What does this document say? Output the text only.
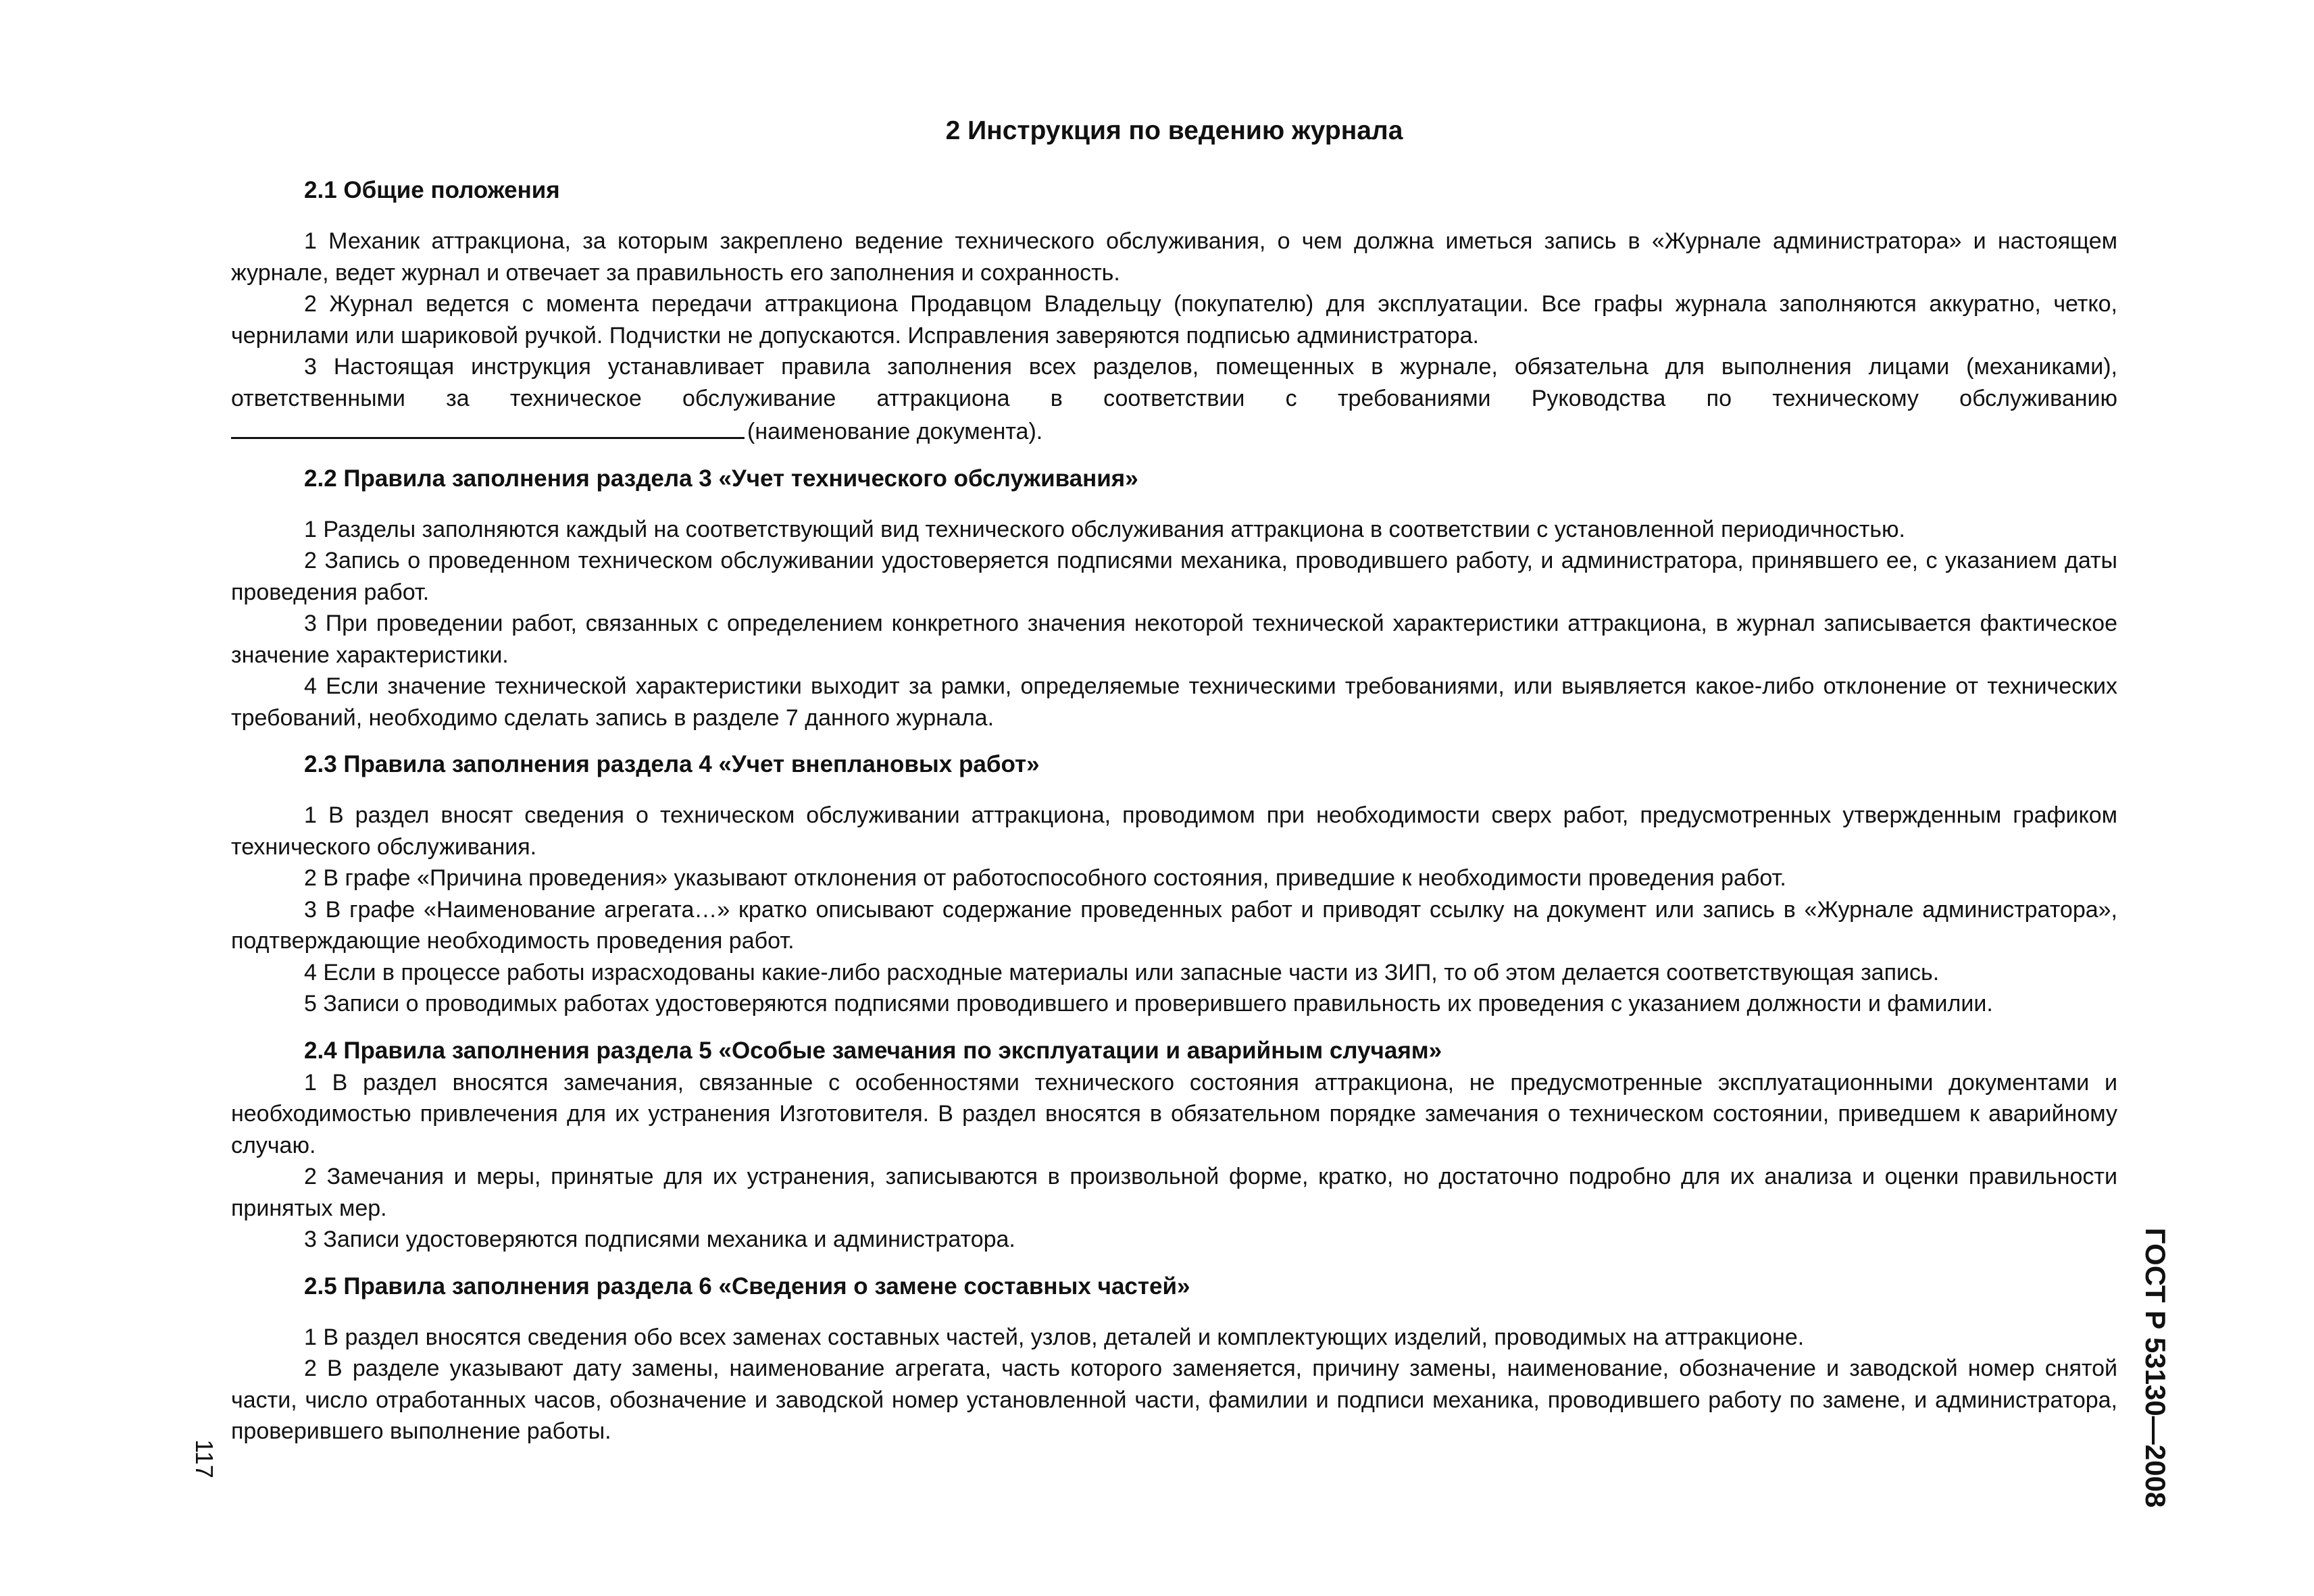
2 Инструкция по ведению журнала
2.1 Общие положения

1 Механик аттракциона, за которым закреплено ведение технического обслуживания, о чем должна иметься запись в «Журнале администратора» и настоящем журнале, ведет журнал и отвечает за правильность его заполнения и сохранность.

2 Журнал ведется с момента передачи аттракциона Продавцом Владельцу (покупателю) для эксплуатации. Все графы журнала заполняются аккуратно, четко, чернилами или шариковой ручкой. Подчистки не допускаются. Исправления заверяются подписью администратора.

3 Настоящая инструкция устанавливает правила заполнения всех разделов, помещенных в журнале, обязательна для выполнения лицами (механиками), ответственными за техническое обслуживание аттракциона в соответствии с требованиями Руководства по техническому обслуживанию (наименование документа).

2.2 Правила заполнения раздела 3 «Учет технического обслуживания»

1 Разделы заполняются каждый на соответствующий вид технического обслуживания аттракциона в соответствии с установленной периодичностью.

2 Запись о проведенном техническом обслуживании удостоверяется подписями механика, проводившего работу, и администратора, принявшего ее, с указанием даты проведения работ.

3 При проведении работ, связанных с определением конкретного значения некоторой технической характеристики аттракциона, в журнал записывается фактическое значение характеристики.

4 Если значение технической характеристики выходит за рамки, определяемые техническими требованиями, или выявляется какое-либо отклонение от технических требований, необходимо сделать запись в разделе 7 данного журнала.

2.3 Правила заполнения раздела 4 «Учет внеплановых работ»

1 В раздел вносят сведения о техническом обслуживании аттракциона, проводимом при необходимости сверх работ, предусмотренных утвержденным графиком технического обслуживания.

2 В графе «Причина проведения» указывают отклонения от работоспособного состояния, приведшие к необходимости проведения работ.

3 В графе «Наименование агрегата…» кратко описывают содержание проведенных работ и приводят ссылку на документ или запись в «Журнале администратора», подтверждающие необходимость проведения работ.

4 Если в процессе работы израсходованы какие-либо расходные материалы или запасные части из ЗИП, то об этом делается соответствующая запись.

5 Записи о проводимых работах удостоверяются подписями проводившего и проверившего правильность их проведения с указанием должности и фамилии.

2.4 Правила заполнения раздела 5 «Особые замечания по эксплуатации и аварийным случаям»

1 В раздел вносятся замечания, связанные с особенностями технического состояния аттракциона, не предусмотренные эксплуатационными документами и необходимостью привлечения для их устранения Изготовителя. В раздел вносятся в обязательном порядке замечания о техническом состоянии, приведшем к аварийному случаю.

2 Замечания и меры, принятые для их устранения, записываются в произвольной форме, кратко, но достаточно подробно для их анализа и оценки правильности принятых мер.

3 Записи удостоверяются подписями механика и администратора.

2.5 Правила заполнения раздела 6 «Сведения о замене составных частей»

1 В раздел вносятся сведения обо всех заменах составных частей, узлов, деталей и комплектующих изделий, проводимых на аттракционе.

2 В разделе указывают дату замены, наименование агрегата, часть которого заменяется, причину замены, наименование, обозначение и заводской номер снятой части, число отработанных часов, обозначение и заводской номер установленной части, фамилии и подписи механика, проводившего работу по замене, и администратора, проверившего выполнение работы.

117	ГОСТ Р 53130—2008
